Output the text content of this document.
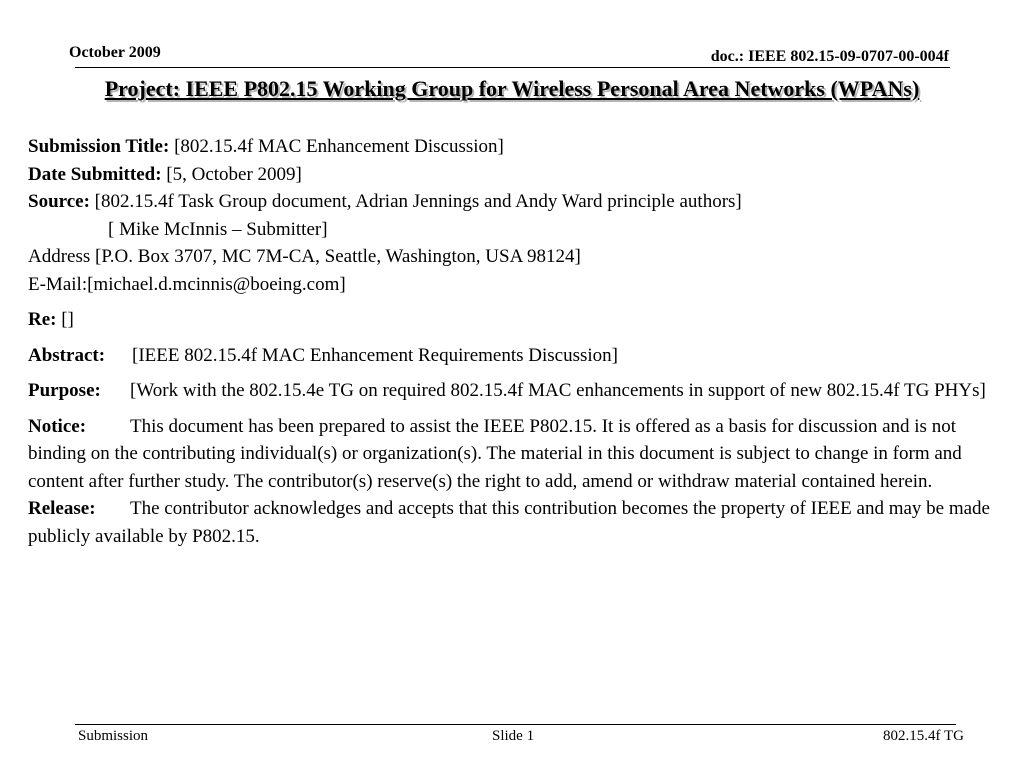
October 2009	doc.: IEEE 802.15-09-0707-00-004f
Project: IEEE P802.15 Working Group for Wireless Personal Area Networks (WPANs)

Submission Title: [802.15.4f MAC Enhancement Discussion]

Date Submitted: [5, October 2009]

Source: [802.15.4f Task Group document, Adrian Jennings and Andy Ward principle authors]

[ Mike McInnis – Submitter]

Address [P.O. Box 3707, MC 7M-CA, Seattle, Washington, USA 98124]

E-Mail:[michael.d.mcinnis@boeing.com]

Re: []

Abstract: [IEEE 802.15.4f MAC Enhancement Requirements Discussion]

Purpose: [Work with the 802.15.4e TG on required 802.15.4f MAC enhancements in support of new 802.15.4f TG PHYs]

Notice: This document has been prepared to assist the IEEE P802.15. It is offered as a basis for discussion and is not binding on the contributing individual(s) or organization(s). The material in this document is subject to change in form and content after further study. The contributor(s) reserve(s) the right to add, amend or withdraw material contained herein.

Release: The contributor acknowledges and accepts that this contribution becomes the property of IEEE and may be made publicly available by P802.15.

Submission	Slide 1	802.15.4f TG
